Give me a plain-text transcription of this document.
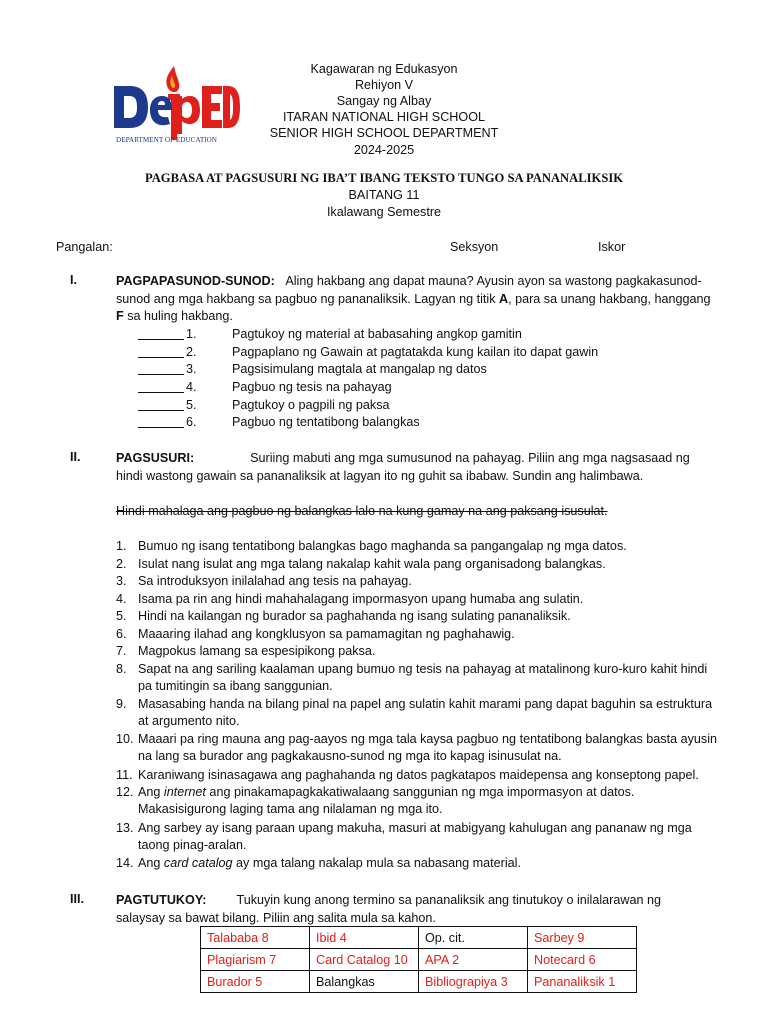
DEPARTMENT OF EDUCATION
Kagawaran ng Edukasyon
Rehiyon V
Sangay ng Albay
ITARAN NATIONAL HIGH SCHOOL
SENIOR HIGH SCHOOL DEPARTMENT
2024-2025
PAGBASA AT PAGSUSURI NG IBA’T IBANG TEKSTO TUNGO SA PANANALIKSIK
BAITANG 11
Ikalawang Semestre
Pangalan:	Seksyon	Iskor
I.	PAGPAPASUNOD-SUNOD: Aling hakbang ang dapat mauna? Ayusin ayon sa wastong pagkakasunod-sunod ang mga hakbang sa pagbuo ng pananaliksik. Lagyan ng titik A, para sa unang hakbang, hanggang F sa huling hakbang.
1.	Pagtukoy ng material at babasahing angkop gamitin
2.	Pagpaplano ng Gawain at pagtatakda kung kailan ito dapat gawin
3.	Pagsisimulang magtala at mangalap ng datos
4.	Pagbuo ng tesis na pahayag
5.	Pagtukoy o pagpili ng paksa
6.	Pagbuo ng tentatibong balangkas
II.	PAGSUSURI:	Suriing mabuti ang mga sumusunod na pahayag. Piliin ang mga nagsasaad ng
hindi wastong gawain sa pananaliksik at lagyan ito ng guhit sa ibabaw. Sundin ang halimbawa.
Hindi mahalaga ang pagbuo ng balangkas lalo na kung gamay na ang paksang isusulat.
1. Bumuo ng isang tentatibong balangkas bago maghanda sa pangangalap ng mga datos.
2. Isulat nang isulat ang mga talang nakalap kahit wala pang organisadong balangkas.
3. Sa introduksyon inilalahad ang tesis na pahayag.
4. Isama pa rin ang hindi mahahalagang impormasyon upang humaba ang sulatin.
5. Hindi na kailangan ng burador sa paghahanda ng isang sulating pananaliksik.
6. Maaaring ilahad ang kongklusyon sa pamamagitan ng paghahawig.
7. Magpokus lamang sa espesipikong paksa.
8. Sapat na ang sariling kaalaman upang bumuo ng tesis na pahayag at matalinong kuro-kuro kahit hindi pa tumitingin sa ibang sanggunian.
9. Masasabing handa na bilang pinal na papel ang sulatin kahit marami pang dapat baguhin sa estruktura at argumento nito.
10. Maaari pa ring mauna ang pag-aayos ng mga tala kaysa pagbuo ng tentatibong balangkas basta ayusin na lang sa burador ang pagkakausno-sunod ng mga ito kapag isinusulat na.
11. Karaniwang isinasagawa ang paghahanda ng datos pagkatapos maidepensa ang konseptong papel.
12. Ang internet ang pinakamapagkakatiwalaang sanggunian ng mga impormasyon at datos. Makasisigurong laging tama ang nilalaman ng mga ito.
13. Ang sarbey ay isang paraan upang makuha, masuri at mabigyang kahulugan ang pananaw ng mga taong pinag-aralan.
14. Ang card catalog ay mga talang nakalap mula sa nabasang material.
III.	PAGTUTUKOY: Tukuyin kung anong termino sa pananaliksik ang tinutukoy o inilalarawan ng
salaysay sa bawat bilang. Piliin ang salita mula sa kahon.
Talababa 8	Ibid 4	Op. cit.	Sarbey 9
Plagiarism 7	Card Catalog 10	APA 2	Notecard 6
Burador 5	Balangkas	Bibliograpiya 3	Pananaliksik 1
